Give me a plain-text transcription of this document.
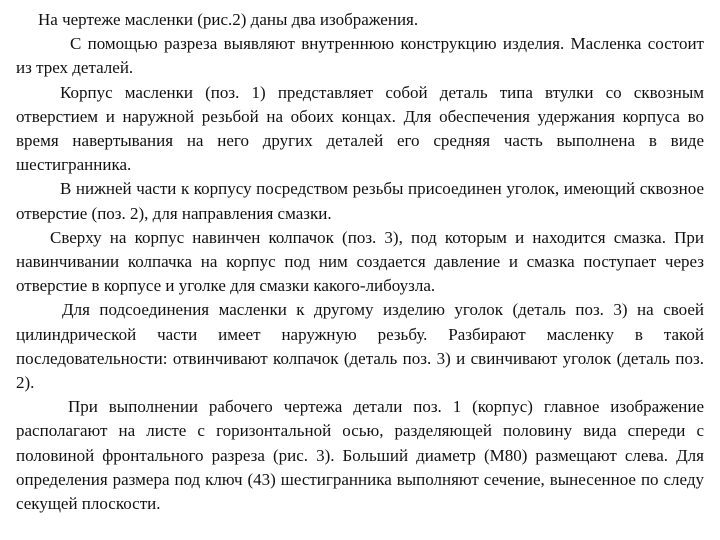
На чертеже масленки (рис.2) даны два изображения.

С помощью разреза выявляют внутреннюю конструкцию изделия. Масленка состоит из трех деталей.

Корпус масленки (поз. 1) представляет собой деталь типа втулки со сквозным отверстием и наружной резьбой на обоих концах. Для обеспечения удержания корпуса во время навертывания на него других деталей его средняя часть выполнена в виде шестигранника.

В нижней части к корпусу посредством резьбы присоединен уголок, имеющий сквозное отверстие (поз. 2), для направления смазки.

Сверху на корпус навинчен колпачок (поз. 3), под которым и находится смазка. При навинчивании колпачка на корпус под ним создается давление и смазка поступает через отверстие в корпусе и уголке для смазки какого-либоузла.

Для подсоединения масленки к другому изделию уголок (деталь поз. 3) на своей цилиндрической части имеет наружную резьбу. Разбирают масленку в такой последовательности: отвинчивают колпачок (деталь поз. 3) и свинчивают уголок (деталь поз. 2).

При выполнении рабочего чертежа детали поз. 1 (корпус) главное изображение располагают на листе с горизонтальной осью, разделяющей половину вида спереди с половиной фронтального разреза (рис. 3). Больший диаметр (М80) размещают слева. Для определения размера под ключ (43) шестигранника выполняют сечение, вынесенное по следу секущей плоскости.
